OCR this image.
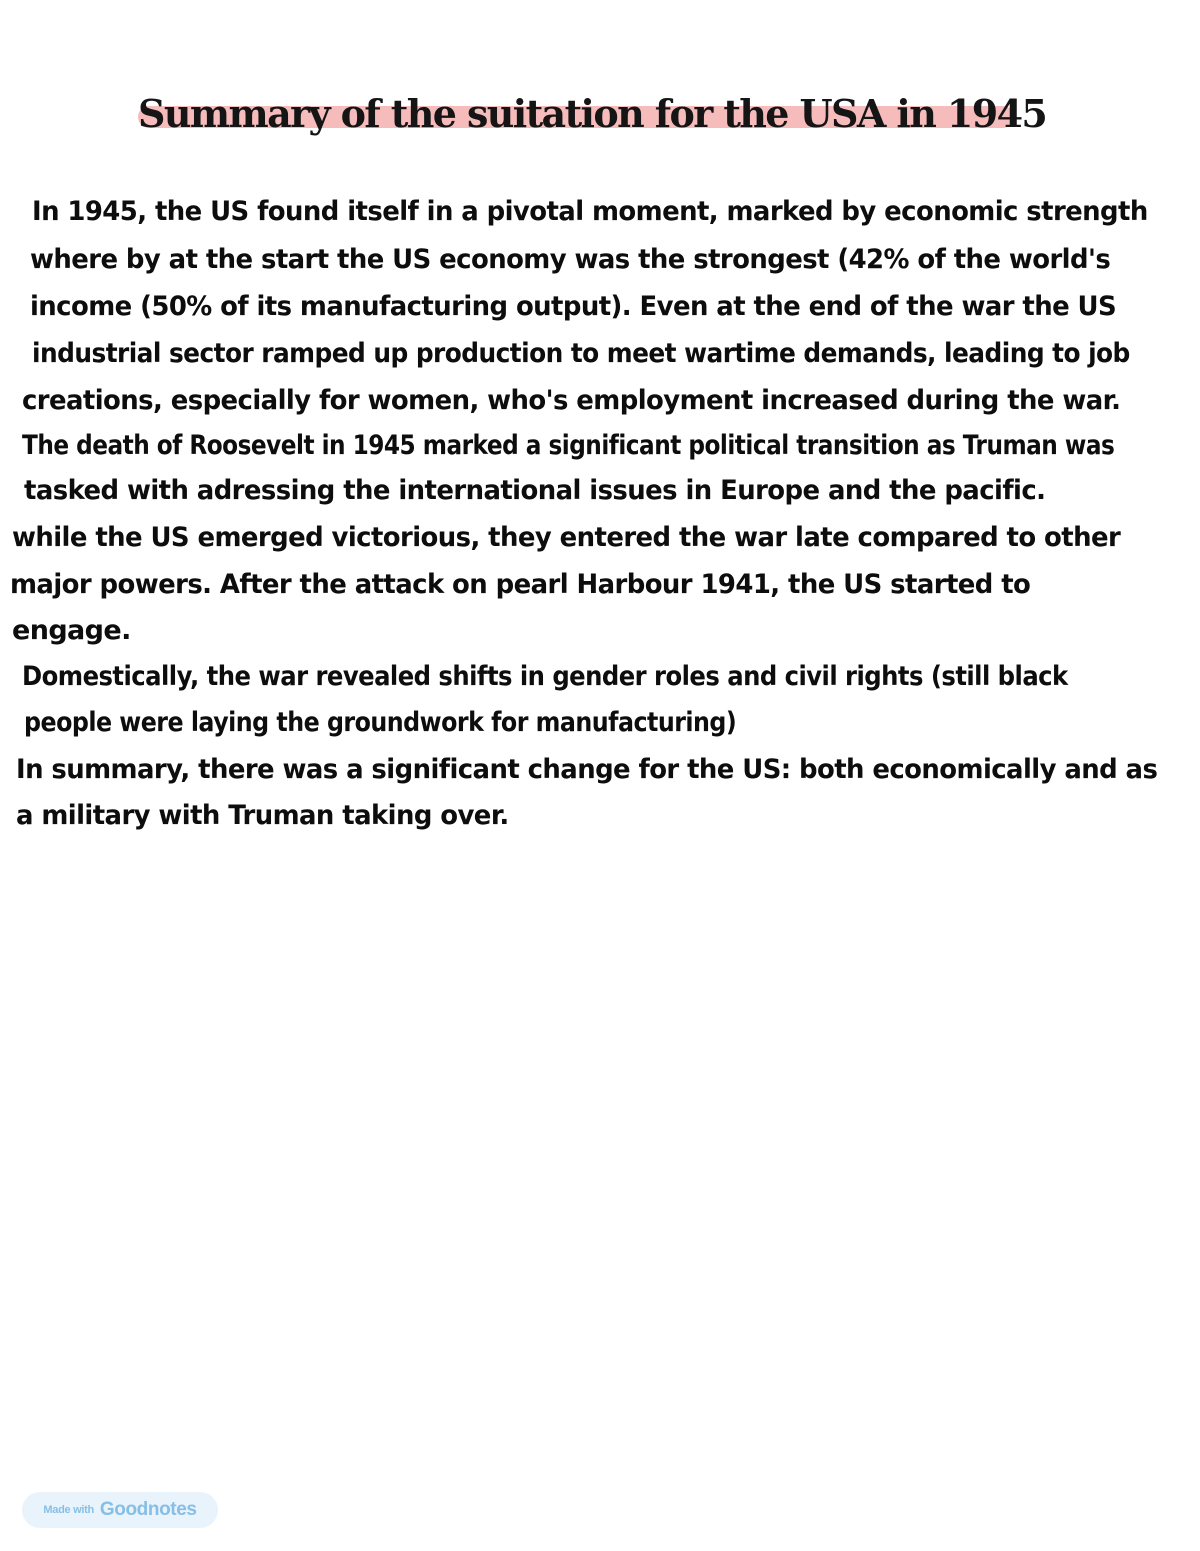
Summary of the suitation for the USA in 1945
In 1945, the US found itself in a pivotal moment, marked by economic strength
where by at the start the US economy was the strongest (42% of the world's
income (50% of its manufacturing output). Even at the end of the war the US
industrial sector ramped up production to meet wartime demands, leading to job
creations, especially for women, who's employment increased during the war.
The death of Roosevelt in 1945 marked a significant political transition as Truman was
tasked with adressing the international issues in Europe and the pacific.
while the US emerged victorious, they entered the war late compared to other
major powers. After the attack on pearl Harbour 1941, the US started to
engage.
Domestically, the war revealed shifts in gender roles and civil rights (still black
people were laying the groundwork for manufacturing)
In summary, there was a significant change for the US: both economically and as
a military with Truman taking over.
Made with Goodnotes
